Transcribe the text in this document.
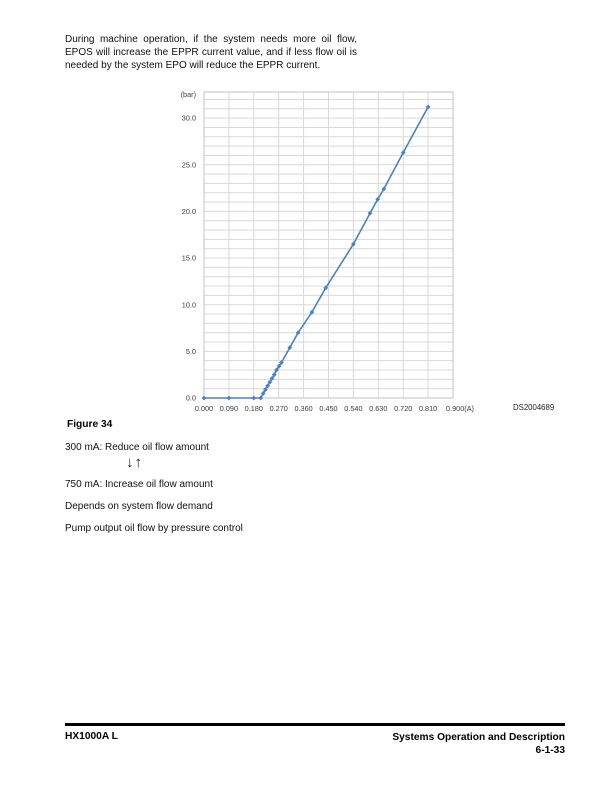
During machine operation, if the system needs more oil flow,
EPOS will increase the EPPR current value, and if less flow oil is
needed by the system EPO will reduce the EPPR current.
0.0
5.0
10.0
15.0
20.0
25.0
30.0
(bar)
0.000 0.090 0.180 0.270 0.360 0.450 0.540 0.630 0.720 0.810 0.900(A)	DS2004689
Figure 34
300 mA: Reduce oil flow amount
↓↑
750 mA: Increase oil flow amount
Depends on system flow demand
Pump output oil flow by pressure control
HX1000A L	Systems Operation and Description
6-1-33
